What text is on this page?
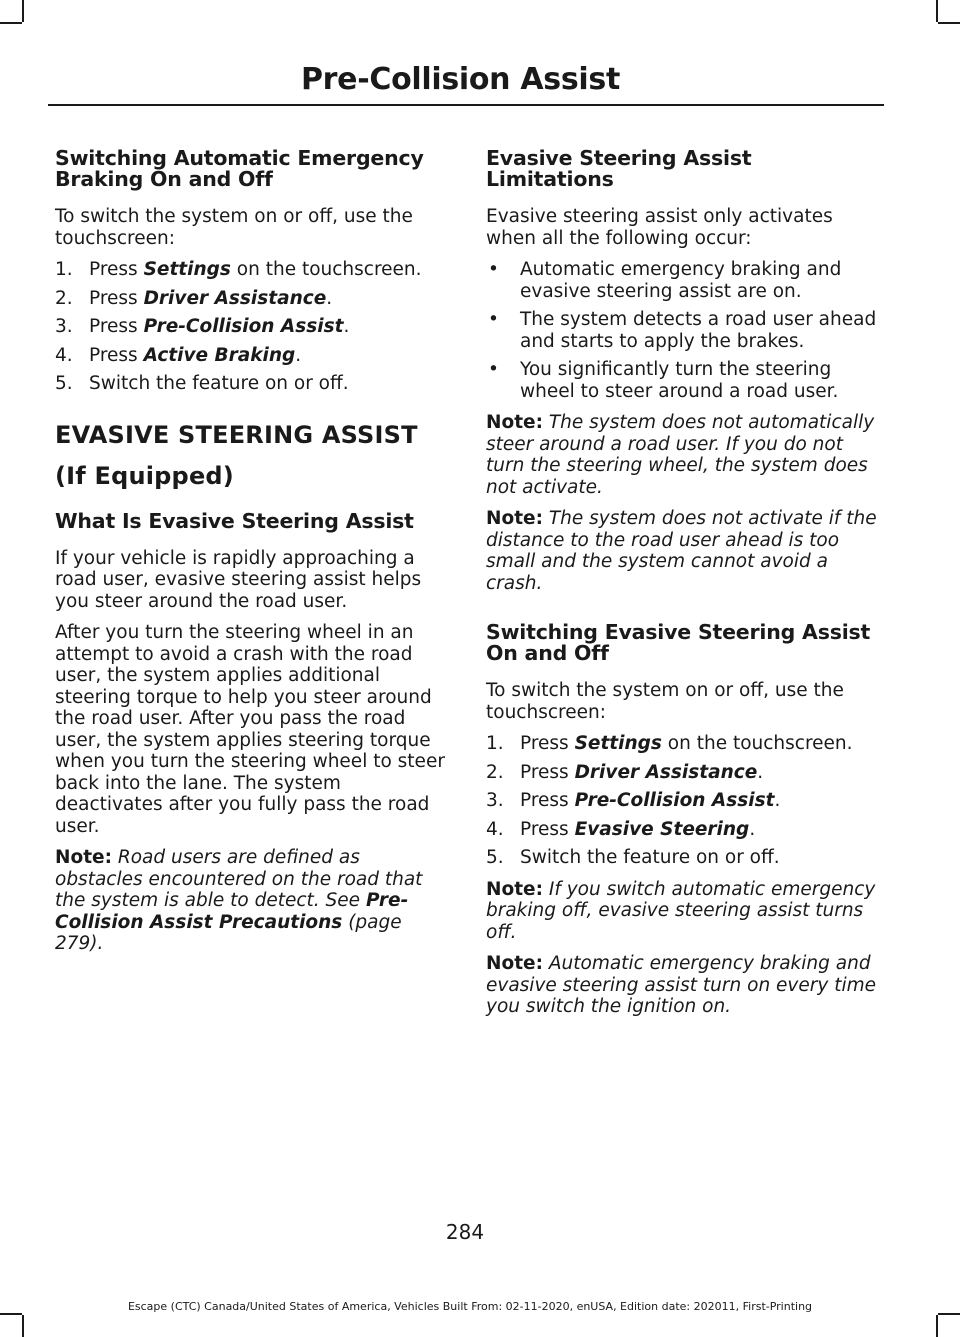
Pre-Collision Assist
Switching Automatic Emergency Braking On and Off

To switch the system on or off, use the touchscreen:

1. Press Settings on the touchscreen.
2. Press Driver Assistance.
3. Press Pre-Collision Assist.
4. Press Active Braking.
5. Switch the feature on or off.
EVASIVE STEERING ASSIST
(If Equipped)
What Is Evasive Steering Assist

If your vehicle is rapidly approaching a road user, evasive steering assist helps you steer around the road user.

After you turn the steering wheel in an attempt to avoid a crash with the road user, the system applies additional steering torque to help you steer around the road user. After you pass the road user, the system applies steering torque when you turn the steering wheel to steer back into the lane. The system deactivates after you fully pass the road user.

Note: Road users are defined as obstacles encountered on the road that the system is able to detect. See Pre-Collision Assist Precautions (page 279).

Evasive Steering Assist Limitations

Evasive steering assist only activates when all the following occur:

• Automatic emergency braking and evasive steering assist are on.
• The system detects a road user ahead and starts to apply the brakes.
• You significantly turn the steering wheel to steer around a road user.

Note: The system does not automatically steer around a road user. If you do not turn the steering wheel, the system does not activate.

Note: The system does not activate if the distance to the road user ahead is too small and the system cannot avoid a crash.

Switching Evasive Steering Assist On and Off

To switch the system on or off, use the touchscreen:

1. Press Settings on the touchscreen.
2. Press Driver Assistance.
3. Press Pre-Collision Assist.
4. Press Evasive Steering.
5. Switch the feature on or off.

Note: If you switch automatic emergency braking off, evasive steering assist turns off.

Note: Automatic emergency braking and evasive steering assist turn on every time you switch the ignition on.

284
Escape (CTC) Canada/United States of America, Vehicles Built From: 02-11-2020, enUSA, Edition date: 202011, First-Printing
